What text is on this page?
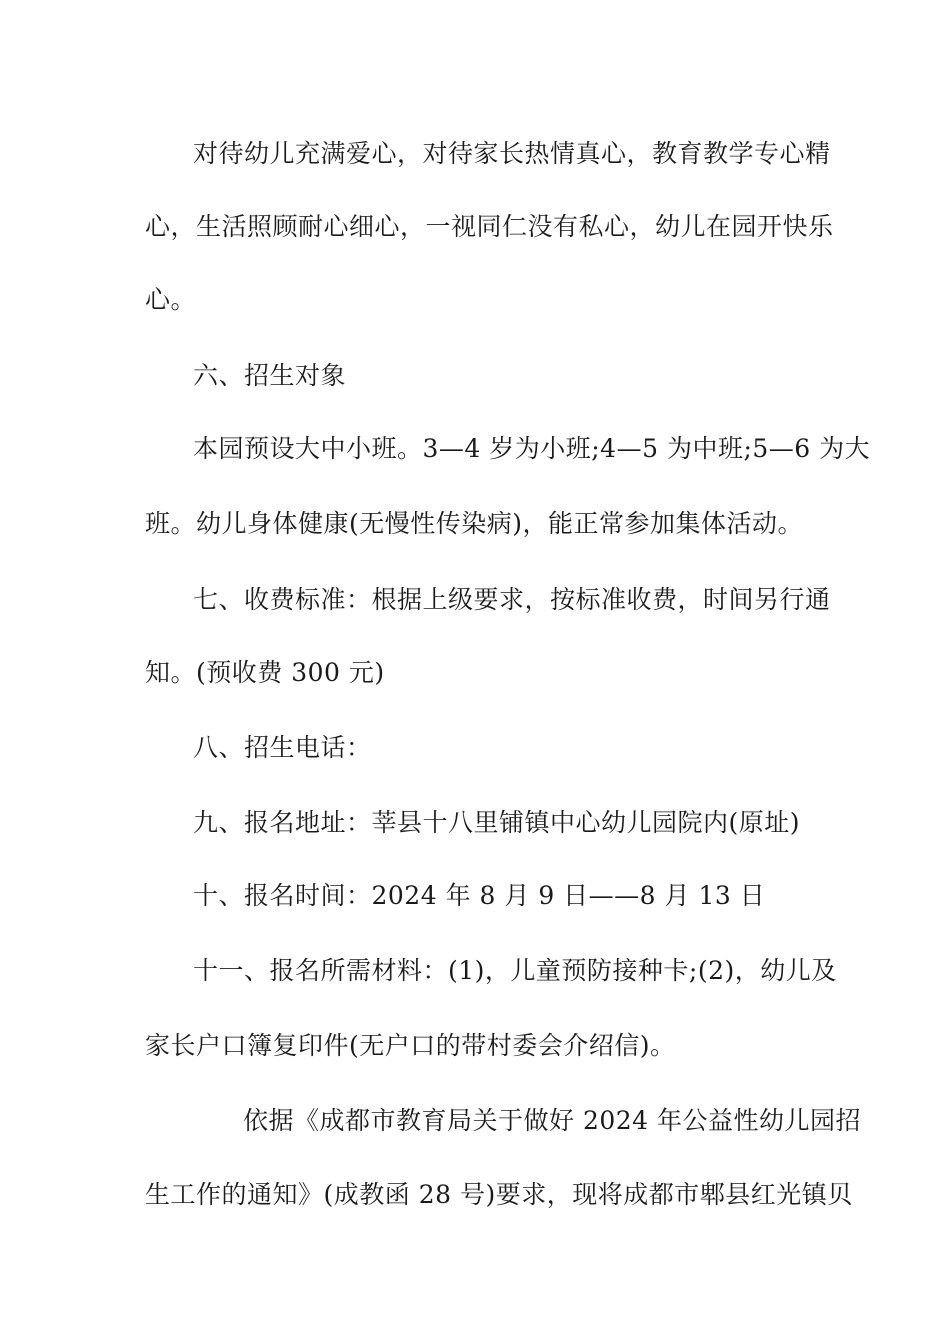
对待幼儿充满爱心，对待家长热情真心，教育教学专心精
心，生活照顾耐心细心，一视同仁没有私心，幼儿在园开快乐
心。
六、招生对象
本园预设大中小班。3—4 岁为小班;4—5 为中班;5—6 为大
班。幼儿身体健康(无慢性传染病)，能正常参加集体活动。
七、收费标准：根据上级要求，按标准收费，时间另行通
知。(预收费 300 元)
八、招生电话：
九、报名地址：莘县十八里铺镇中心幼儿园院内(原址)
十、报名时间：2024 年 8 月 9 日——8 月 13 日
十一、报名所需材料：(1)，儿童预防接种卡;(2)，幼儿及
家长户口簿复印件(无户口的带村委会介绍信)。
依据《成都市教育局关于做好 2024 年公益性幼儿园招
生工作的通知》(成教函 28 号)要求，现将成都市郫县红光镇贝
